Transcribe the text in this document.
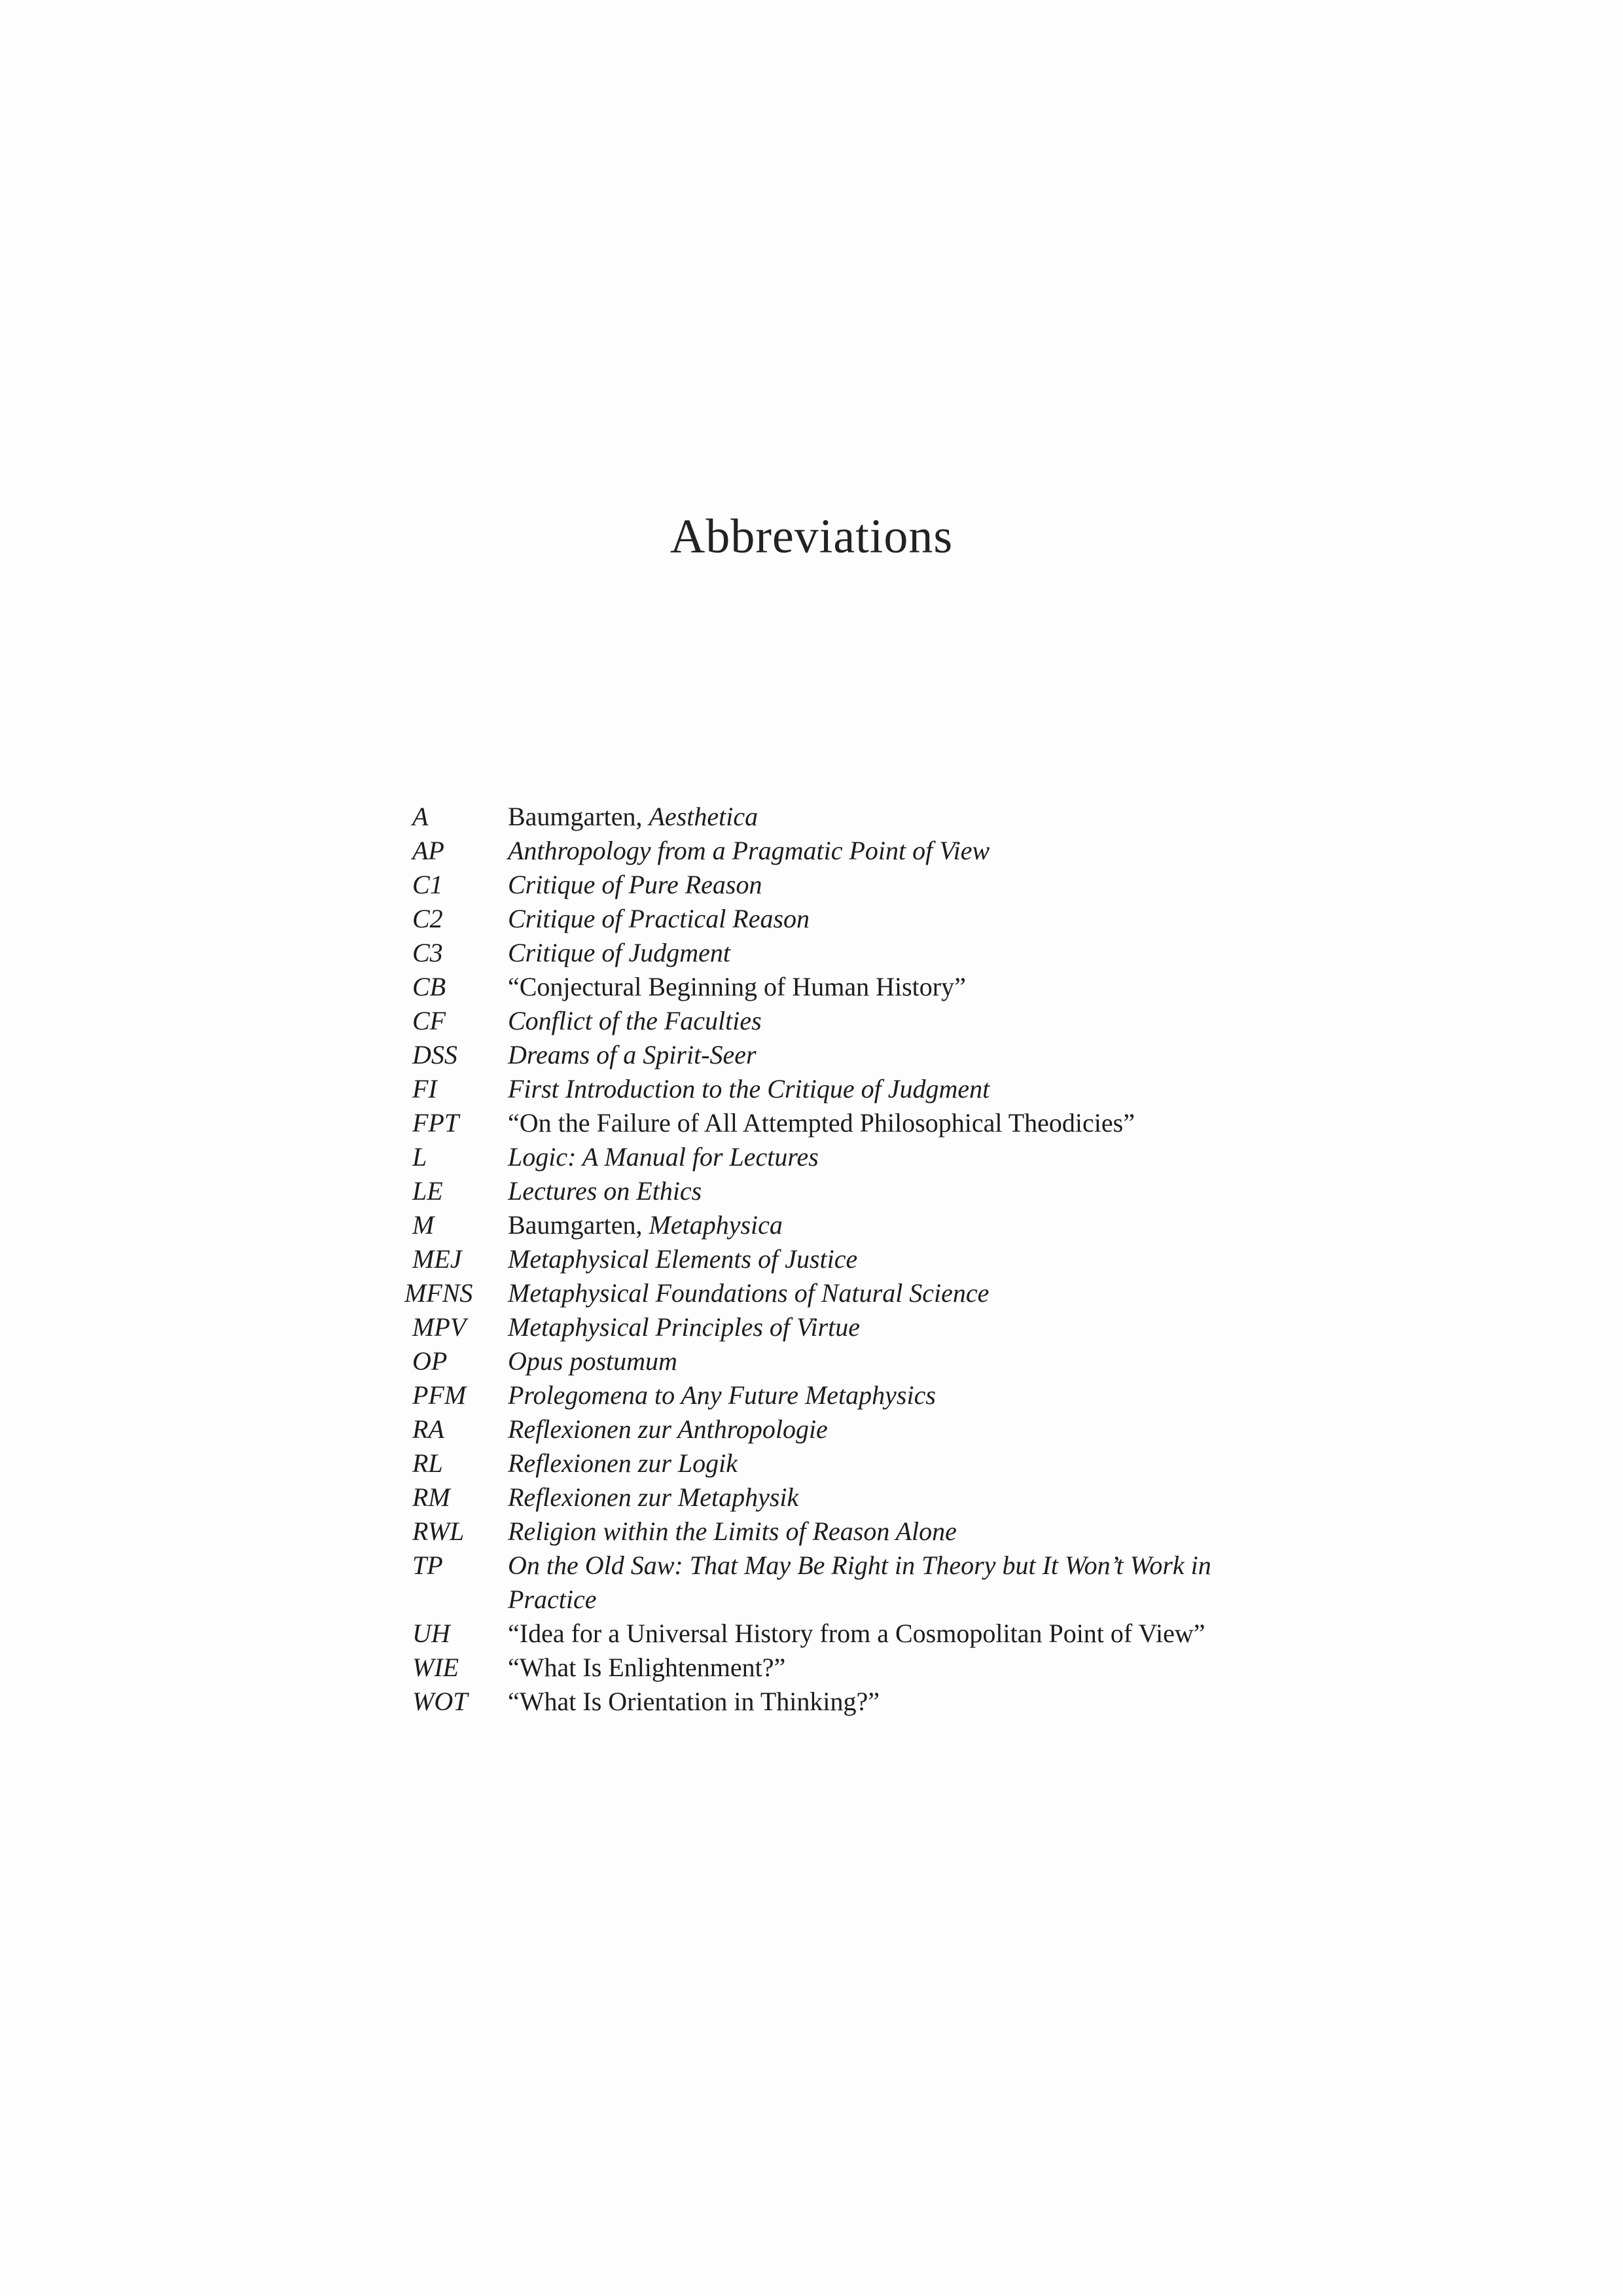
Abbreviations
A	Baumgarten, Aesthetica
AP	Anthropology from a Pragmatic Point of View
C1	Critique of Pure Reason
C2	Critique of Practical Reason
C3	Critique of Judgment
CB	“Conjectural Beginning of Human History”
CF	Conflict of the Faculties
DSS	Dreams of a Spirit-Seer
FI	First Introduction to the Critique of Judgment
FPT	“On the Failure of All Attempted Philosophical Theodicies”
L	Logic: A Manual for Lectures
LE	Lectures on Ethics
M	Baumgarten, Metaphysica
MEJ	Metaphysical Elements of Justice
MFNS	Metaphysical Foundations of Natural Science
MPV	Metaphysical Principles of Virtue
OP	Opus postumum
PFM	Prolegomena to Any Future Metaphysics
RA	Reflexionen zur Anthropologie
RL	Reflexionen zur Logik
RM	Reflexionen zur Metaphysik
RWL	Religion within the Limits of Reason Alone
TP	On the Old Saw: That May Be Right in Theory but It Won’t Work in Practice
UH	“Idea for a Universal History from a Cosmopolitan Point of View”
WIE	“What Is Enlightenment?”
WOT	“What Is Orientation in Thinking?”
